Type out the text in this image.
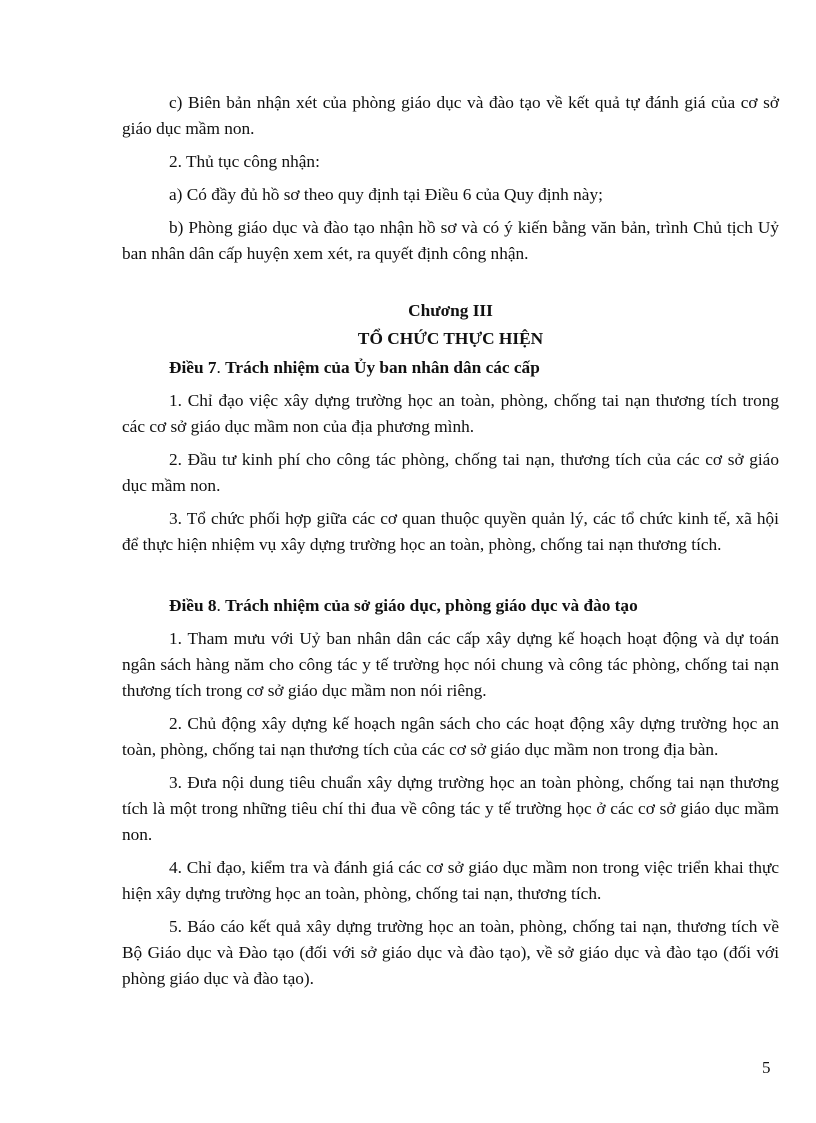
c) Biên bản nhận xét của phòng giáo dục và đào tạo về kết quả tự đánh giá của cơ sở giáo dục mầm non.

2. Thủ tục công nhận:

a) Có đầy đủ hồ sơ theo quy định tại Điều 6 của Quy định này;

b) Phòng giáo dục và đào tạo nhận hồ sơ và có ý kiến bằng văn bản, trình Chủ tịch Uỷ ban nhân dân cấp huyện xem xét, ra quyết định công nhận.

Chương III

TỔ CHỨC THỰC HIỆN

Điều 7. Trách nhiệm của Ủy ban nhân dân các cấp

1. Chỉ đạo việc xây dựng trường học an toàn, phòng, chống tai nạn thương tích trong các cơ sở giáo dục mầm non của địa phương mình.

2. Đầu tư kinh phí cho công tác phòng, chống tai nạn, thương tích của các cơ sở giáo dục mầm non.

3. Tổ chức phối hợp giữa các cơ quan thuộc quyền quản lý, các tổ chức kinh tế, xã hội để thực hiện nhiệm vụ xây dựng trường học an toàn, phòng, chống tai nạn thương tích.

Điều 8. Trách nhiệm của sở giáo dục, phòng giáo dục và đào tạo

1. Tham mưu với Uỷ ban nhân dân các cấp xây dựng kế hoạch hoạt động và dự toán ngân sách hàng năm cho công tác y tế trường học nói chung và công tác phòng, chống tai nạn thương tích trong cơ sở giáo dục mầm non nói riêng.

2. Chủ động xây dựng kế hoạch ngân sách cho các hoạt động xây dựng trường học an toàn, phòng, chống tai nạn thương tích của các cơ sở giáo dục mầm non trong địa bàn.

3. Đưa nội dung tiêu chuẩn xây dựng trường học an toàn phòng, chống tai nạn thương tích là một trong những tiêu chí thi đua về công tác y tế trường học ở các cơ sở giáo dục mầm non.

4. Chỉ đạo, kiểm tra và đánh giá các cơ sở giáo dục mầm non trong việc triển khai thực hiện xây dựng trường học an toàn, phòng, chống tai nạn, thương tích.

5. Báo cáo kết quả xây dựng trường học an toàn, phòng, chống tai nạn, thương tích về Bộ Giáo dục và Đào tạo (đối với sở giáo dục và đào tạo), về sở giáo dục và đào tạo (đối với phòng giáo dục và đào tạo).

5
